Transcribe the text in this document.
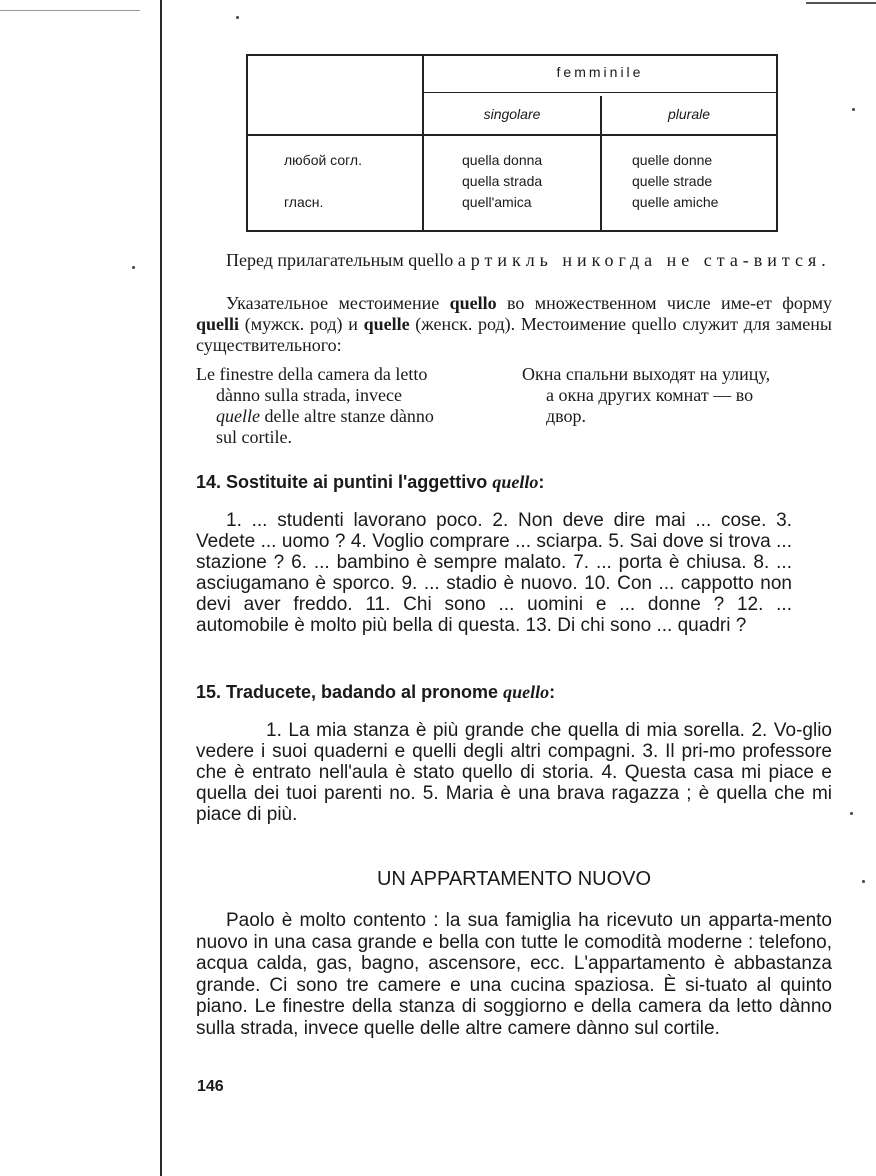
femminile
singolare	plurale
любой согл.
гласн.
quella donna
quella strada
quell'amica
quelle donne
quelle strade
quelle amiche
Перед прилагательным quello артикль никогда не ста-вится.
Указательное местоимение quello во множественном числе име-ет форму quelli (мужск. род) и quelle (женск. род). Местоимение quello служит для замены существительного:
Le finestre della camera da letto
dànno sulla strada, invece
quelle delle altre stanze dànno
sul cortile.
Окна спальни выходят на улицу,
а окна других комнат — во
двор.
14. Sostituite ai puntini l'aggettivo quello:
1. ... studenti lavorano poco. 2. Non deve dire mai ... cose. 3. Vedete ... uomo ? 4. Voglio comprare ... sciarpa. 5. Sai dove si trova ... stazione ? 6. ... bambino è sempre malato. 7. ... porta è chiusa. 8. ... asciugamano è sporco. 9. ... stadio è nuovo. 10. Con ... cappotto non devi aver freddo. 11. Chi sono ... uomini e ... donne ? 12. ... automobile è molto più bella di questa. 13. Di chi sono ... quadri ?
15. Traducete, badando al pronome quello:
1. La mia stanza è più grande che quella di mia sorella. 2. Vo-glio vedere i suoi quaderni e quelli degli altri compagni. 3. Il pri-mo professore che è entrato nell'aula è stato quello di storia. 4. Questa casa mi piace e quella dei tuoi parenti no. 5. Maria è una brava ragazza ; è quella che mi piace di più.
UN APPARTAMENTO NUOVO
Paolo è molto contento : la sua famiglia ha ricevuto un apparta-mento nuovo in una casa grande e bella con tutte le comodità moderne : telefono, acqua calda, gas, bagno, ascensore, ecc. L'appartamento è abbastanza grande. Ci sono tre camere e una cucina spaziosa. È si-tuato al quinto piano. Le finestre della stanza di soggiorno e della camera da letto dànno sulla strada, invece quelle delle altre camere dànno sul cortile.
146
